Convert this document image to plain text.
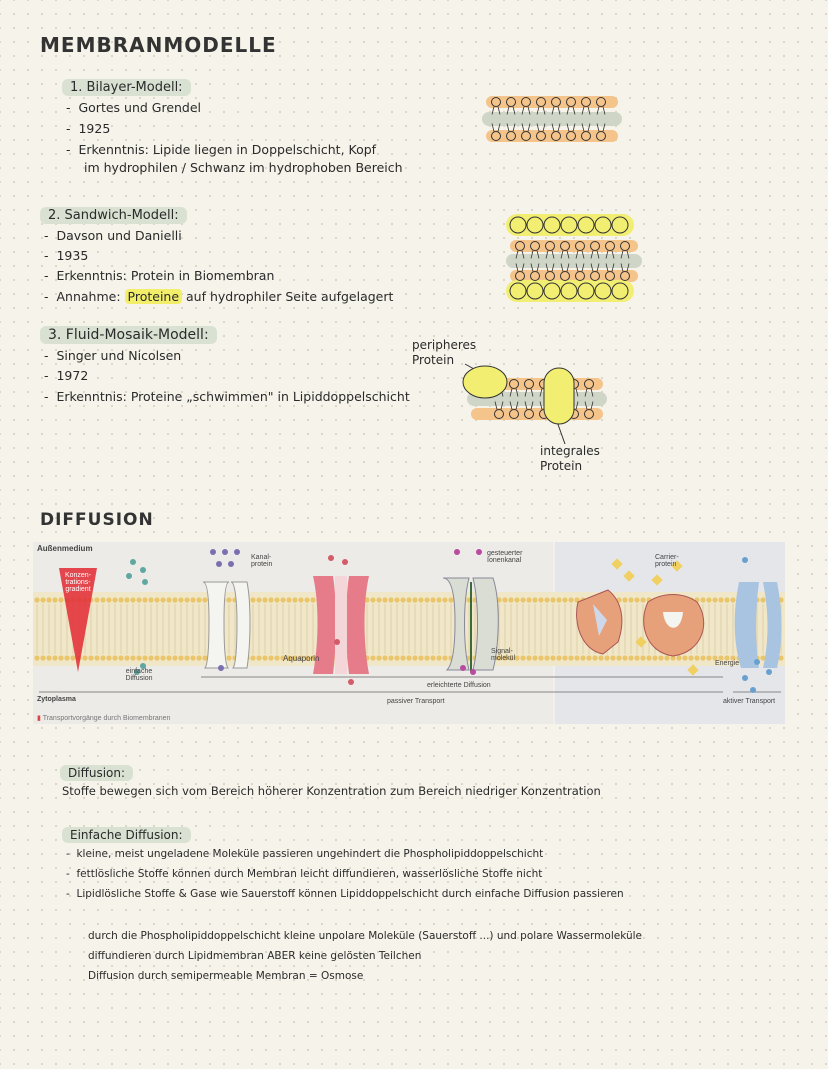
MEMBRANMODELLE
1. Bilayer-Modell:
-  Gortes und Grendel
-  1925
-  Erkenntnis: Lipide liegen in Doppelschicht, Kopf
im hydrophilen / Schwanz im hydrophoben Bereich
2. Sandwich-Modell:
-  Davson und Danielli
-  1935
-  Erkenntnis: Protein in Biomembran
-  Annahme: Proteine auf hydrophiler Seite aufgelagert
3. Fluid-Mosaik-Modell:
-  Singer und Nicolsen
-  1972
-  Erkenntnis: Proteine „schwimmen" in Lipiddoppelschicht
peripheres Protein
integrales Protein
DIFFUSION
Außenmedium
Konzen-trations-gradient
Kanal-protein
gesteuerter Ionenkanal	Carrier-protein
Aquaporin
Signal-molekül
einfache Diffusion
Energie
erleichterte Diffusion
passiver Transport	aktiver Transport
Zytoplasma
▮ Transportvorgänge durch Biomembranen
Diffusion:
Stoffe bewegen sich vom Bereich höherer Konzentration zum Bereich niedriger Konzentration
Einfache Diffusion:
-  kleine, meist ungeladene Moleküle passieren ungehindert die Phospholipiddoppelschicht
-  fettlösliche Stoffe können durch Membran leicht diffundieren, wasserlösliche Stoffe nicht
-  Lipidlösliche Stoffe & Gase wie Sauerstoff können Lipiddoppelschicht durch einfache Diffusion passieren
durch die Phospholipiddoppelschicht kleine unpolare Moleküle (Sauerstoff ...) und polare Wassermoleküle
diffundieren durch Lipidmembran ABER keine gelösten Teilchen
Diffusion durch semipermeable Membran = Osmose
